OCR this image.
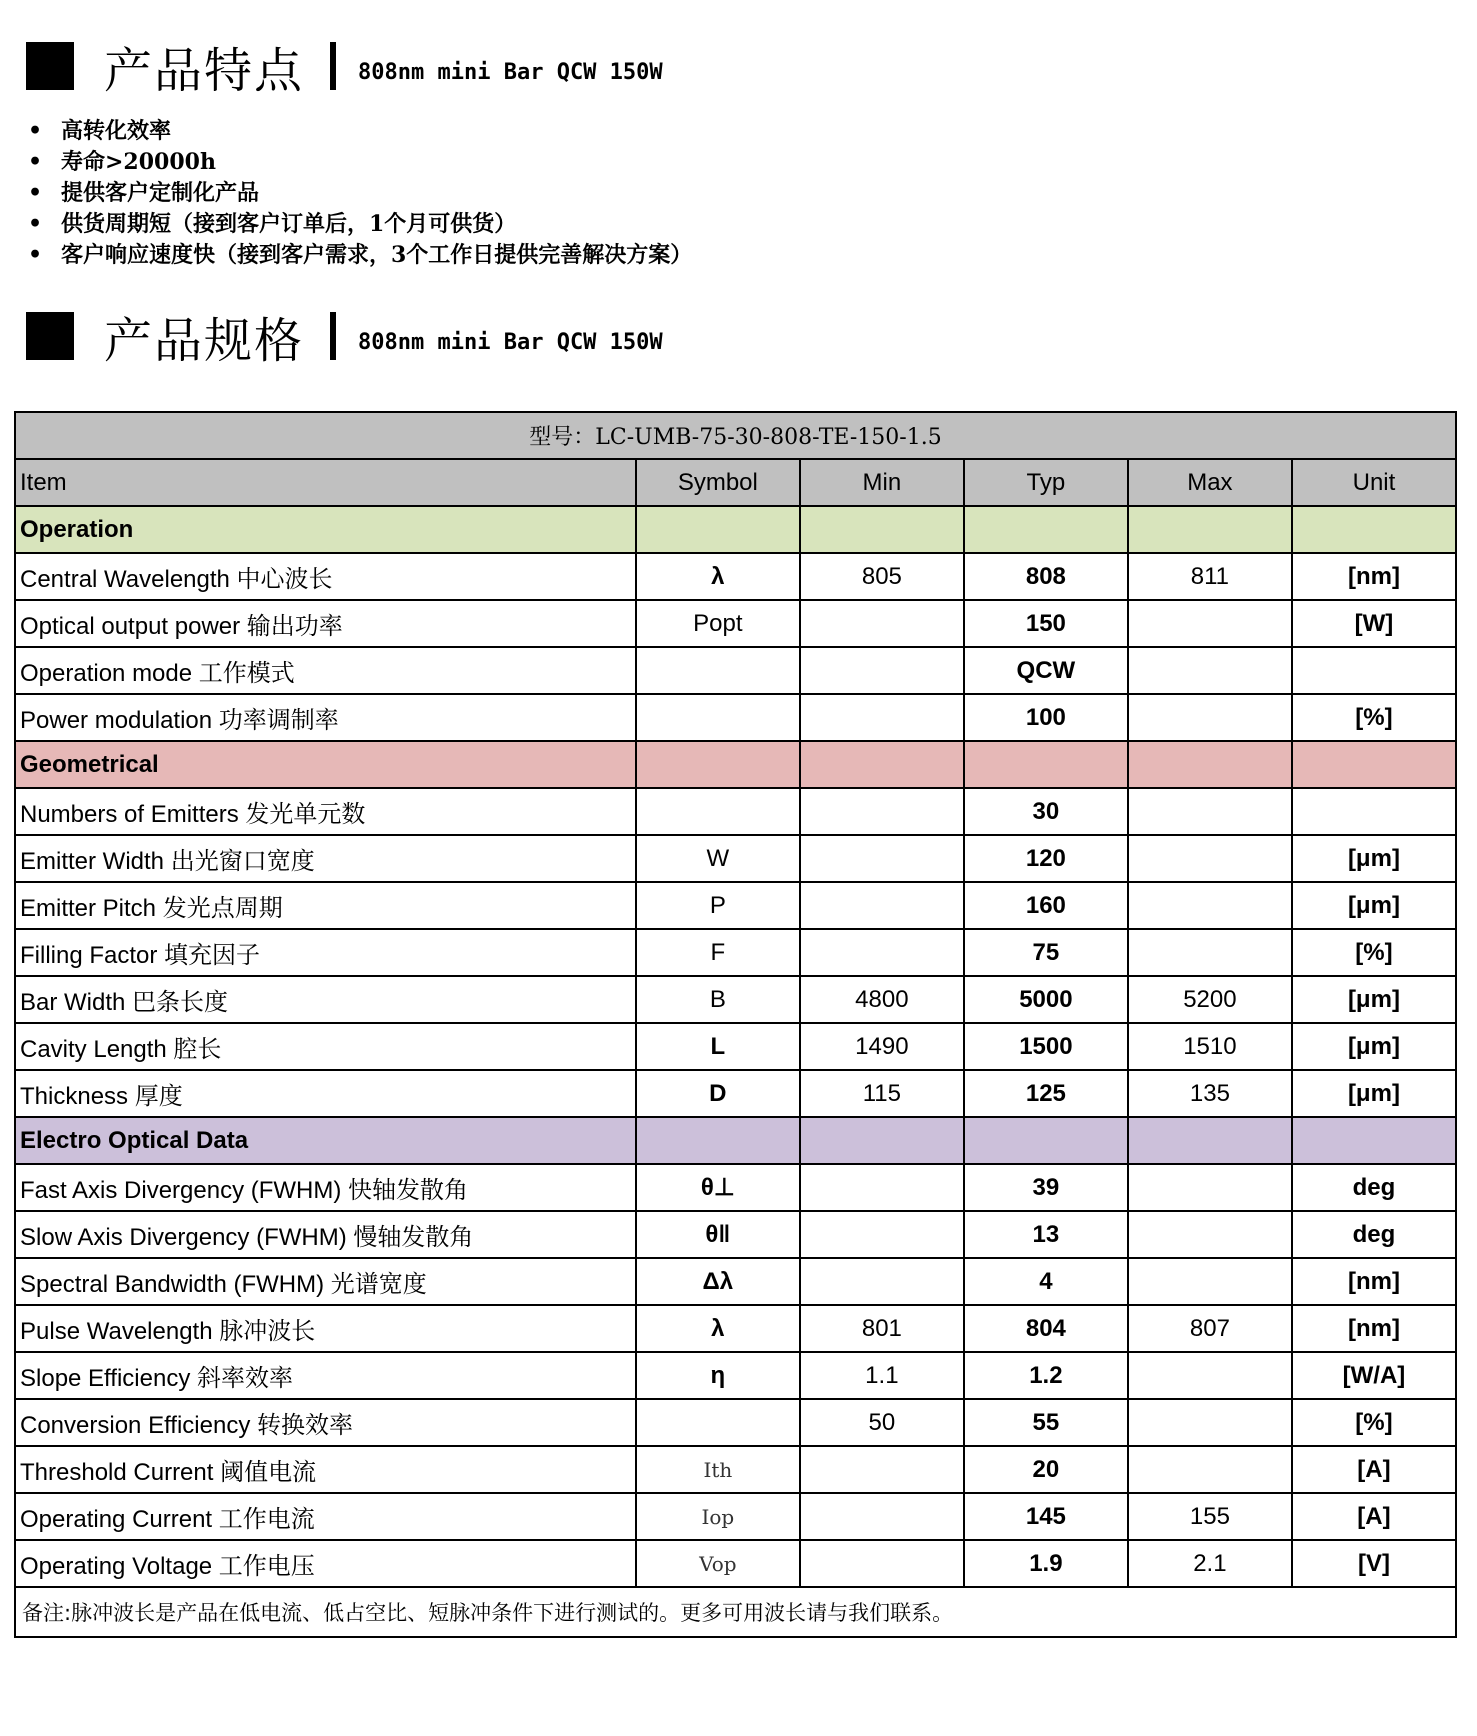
产品特点 808nm mini Bar QCW 150W
• 高转化效率
• 寿命>20000h
• 提供客户定制化产品
• 供货周期短（接到客户订单后，1个月可供货）
• 客户响应速度快（接到客户需求，3个工作日提供完善解决方案）
产品规格 808nm mini Bar QCW 150W
型号：LC-UMB-75-30-808-TE-150-1.5					
Item	Symbol	Min	Typ	Max	Unit
Operation					
Central Wavelength 中心波长	λ	805	808	811	[nm]
Optical output power 输出功率	Popt		150		[W]
Operation mode 工作模式			QCW		
Power modulation 功率调制率			100		[%]
Geometrical					
Numbers of Emitters 发光单元数			30		
Emitter Width 出光窗口宽度	W		120		[μm]
Emitter Pitch 发光点周期	P		160		[μm]
Filling Factor 填充因子	F		75		[%]
Bar Width 巴条长度	B	4800	5000	5200	[μm]
Cavity Length 腔长	L	1490	1500	1510	[μm]
Thickness 厚度	D	115	125	135	[μm]
Electro Optical Data					
Fast Axis Divergency (FWHM) 快轴发散角	θ⊥		39		deg
Slow Axis Divergency (FWHM) 慢轴发散角	θǁ		13		deg
Spectral Bandwidth (FWHM) 光谱宽度	Δλ		4		[nm]
Pulse Wavelength 脉冲波长	λ	801	804	807	[nm]
Slope Efficiency 斜率效率	η	1.1	1.2		[W/A]
Conversion Efficiency 转换效率		50	55		[%]
Threshold Current 阈值电流	Ith		20		[A]
Operating Current 工作电流	Iop		145	155	[A]
Operating Voltage 工作电压	Vop		1.9	2.1	[V]
备注:脉冲波长是产品在低电流、低占空比、短脉冲条件下进行测试的。更多可用波长请与我们联系。					
